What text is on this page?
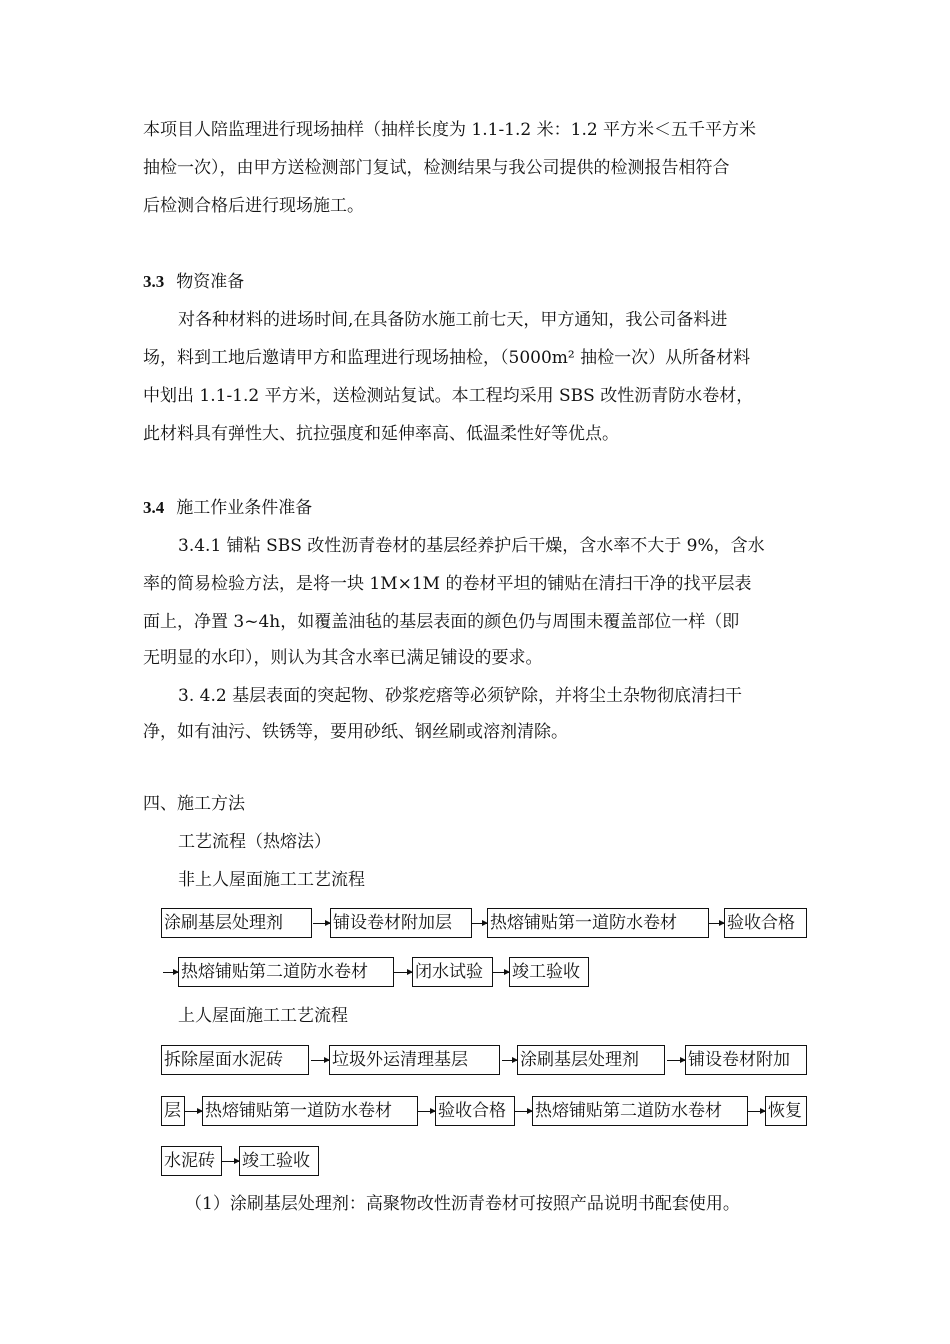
本项目人陪监理进行现场抽样（抽样长度为 1.1-1.2 米：1.2 平方米＜五千平方米
抽检一次），由甲方送检测部门复试，检测结果与我公司提供的检测报告相符合
后检测合格后进行现场施工。
3.3 物资准备
对各种材料的进场时间,在具备防水施工前七天，甲方通知，我公司备料进
场，料到工地后邀请甲方和监理进行现场抽检，（5000m² 抽检一次）从所备材料
中划出 1.1-1.2 平方米，送检测站复试。本工程均采用 SBS 改性沥青防水卷材，
此材料具有弹性大、抗拉强度和延伸率高、低温柔性好等优点。
3.4 施工作业条件准备
3.4.1 铺粘 SBS 改性沥青卷材的基层经养护后干燥，含水率不大于 9%，含水
率的简易检验方法，是将一块 1M×1M 的卷材平坦的铺贴在清扫干净的找平层表
面上，净置 3~4h，如覆盖油毡的基层表面的颜色仍与周围未覆盖部位一样（即
无明显的水印），则认为其含水率已满足铺设的要求。
3. 4.2 基层表面的突起物、砂浆疙瘩等必须铲除，并将尘土杂物彻底清扫干
净，如有油污、铁锈等，要用砂纸、钢丝刷或溶剂清除。
四、施工方法
工艺流程（热熔法）
非上人屋面施工工艺流程
涂刷基层处理剂	铺设卷材附加层	热熔铺贴第一道防水卷材	验收合格
热熔铺贴第二道防水卷材	闭水试验	竣工验收
上人屋面施工工艺流程
拆除屋面水泥砖	垃圾外运清理基层	涂刷基层处理剂	铺设卷材附加
层 热熔铺贴第一道防水卷材	验收合格	热熔铺贴第二道防水卷材	恢复
水泥砖	竣工验收
（1）涂刷基层处理剂：高聚物改性沥青卷材可按照产品说明书配套使用。
